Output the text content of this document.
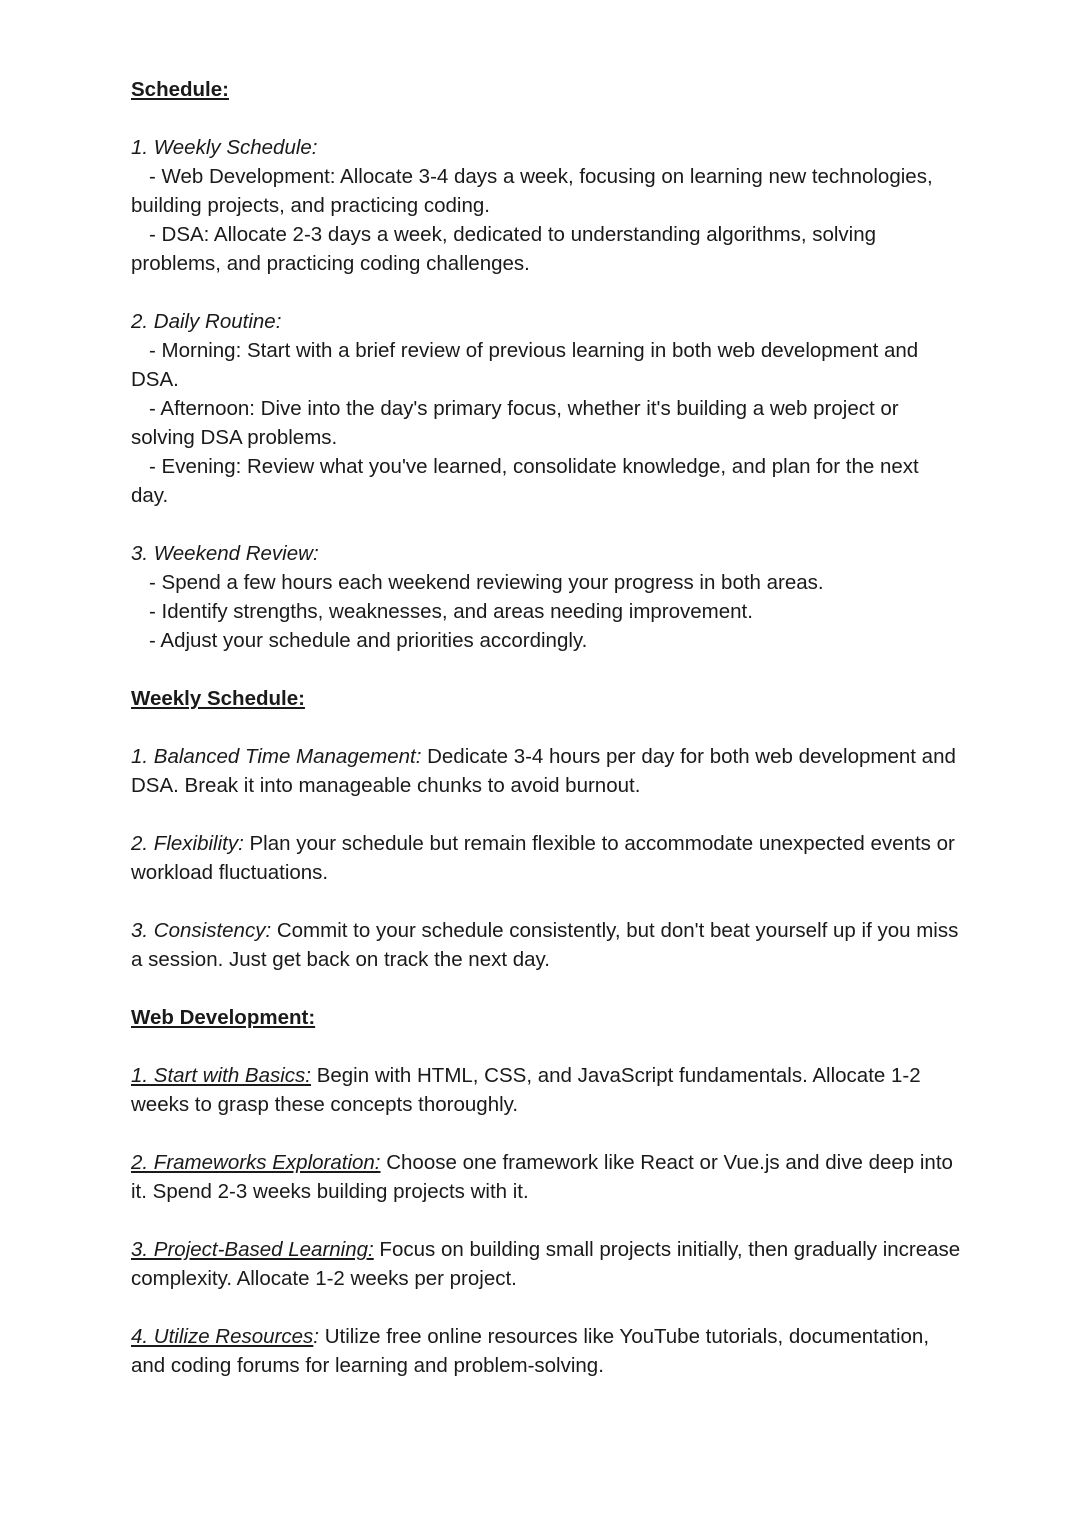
Schedule:
1. Weekly Schedule:
- Web Development: Allocate 3-4 days a week, focusing on learning new technologies, building projects, and practicing coding.
- DSA: Allocate 2-3 days a week, dedicated to understanding algorithms, solving problems, and practicing coding challenges.
2. Daily Routine:
- Morning: Start with a brief review of previous learning in both web development and DSA.
- Afternoon: Dive into the day's primary focus, whether it's building a web project or solving DSA problems.
- Evening: Review what you've learned, consolidate knowledge, and plan for the next day.
3. Weekend Review:
- Spend a few hours each weekend reviewing your progress in both areas.
- Identify strengths, weaknesses, and areas needing improvement.
- Adjust your schedule and priorities accordingly.
Weekly Schedule:
1. Balanced Time Management: Dedicate 3-4 hours per day for both web development and DSA. Break it into manageable chunks to avoid burnout.
2. Flexibility: Plan your schedule but remain flexible to accommodate unexpected events or workload fluctuations.
3. Consistency: Commit to your schedule consistently, but don't beat yourself up if you miss a session. Just get back on track the next day.
Web Development:
1. Start with Basics: Begin with HTML, CSS, and JavaScript fundamentals. Allocate 1-2 weeks to grasp these concepts thoroughly.
2. Frameworks Exploration: Choose one framework like React or Vue.js and dive deep into it. Spend 2-3 weeks building projects with it.
3. Project-Based Learning: Focus on building small projects initially, then gradually increase complexity. Allocate 1-2 weeks per project.
4. Utilize Resources: Utilize free online resources like YouTube tutorials, documentation, and coding forums for learning and problem-solving.
